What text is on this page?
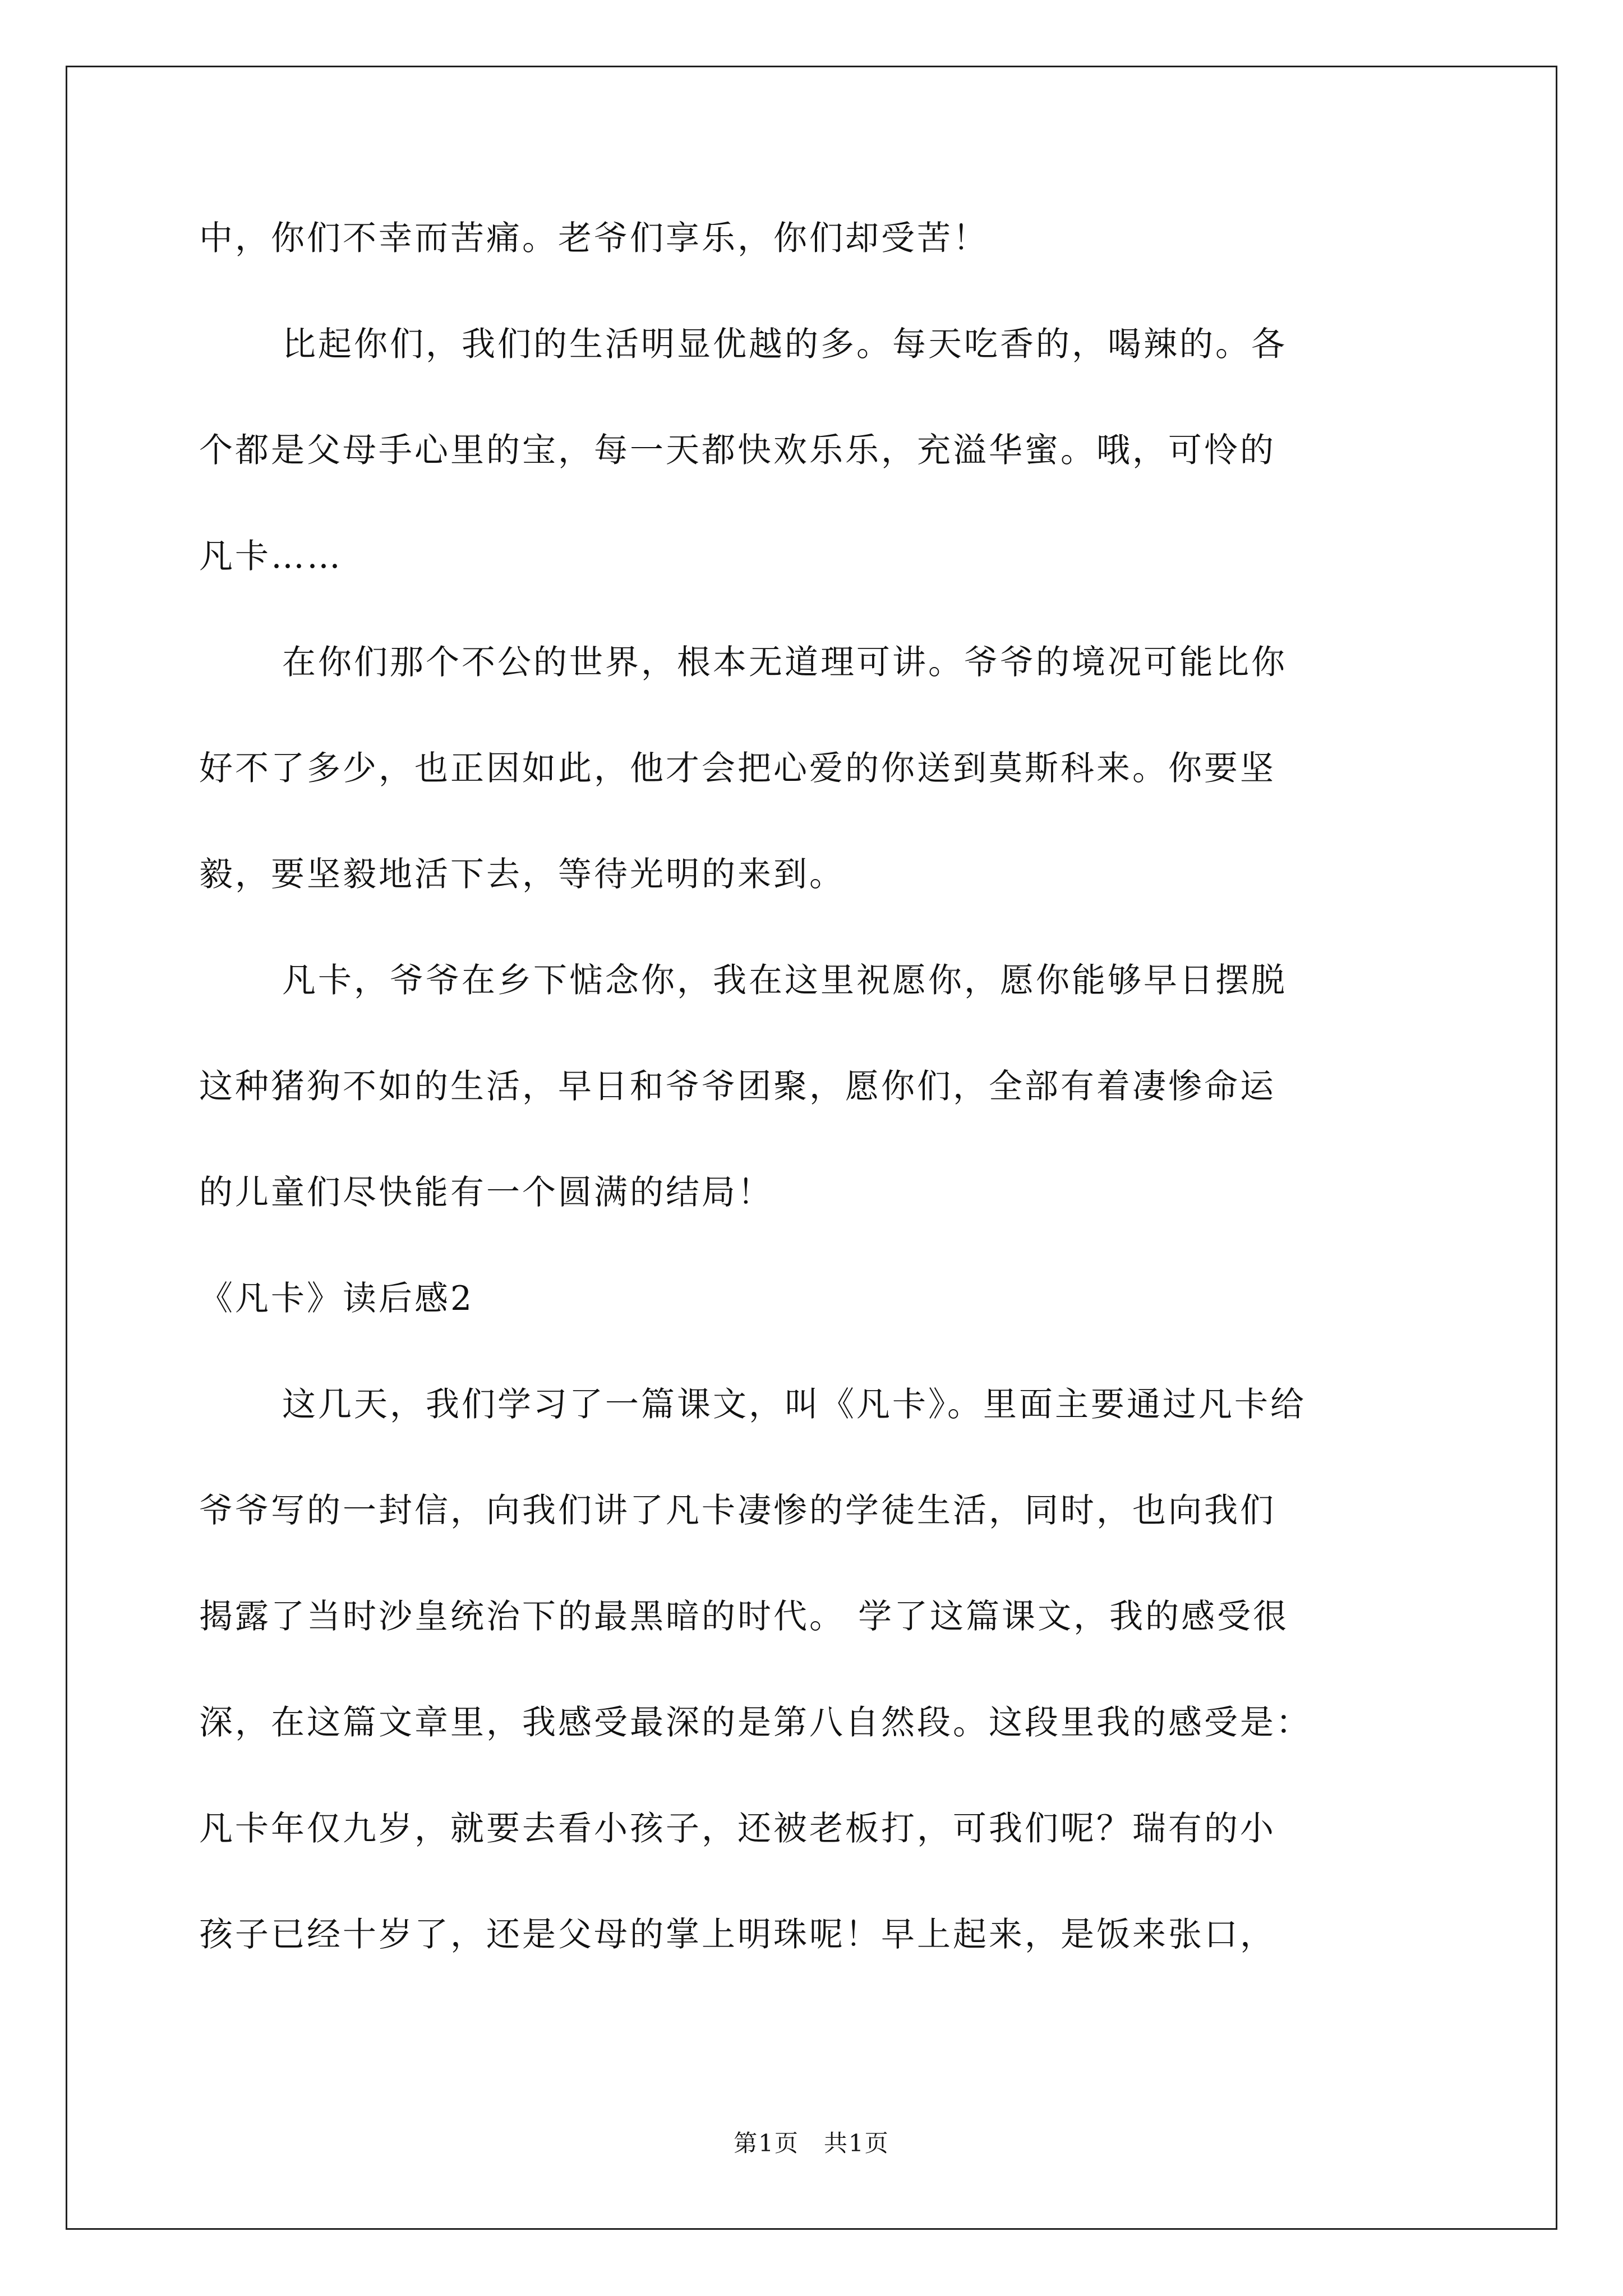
中，你们不幸而苦痛。老爷们享乐，你们却受苦！
比起你们，我们的生活明显优越的多。每天吃香的，喝辣的。各
个都是父母手心里的宝，每一天都快欢乐乐，充溢华蜜。哦，可怜的
凡卡……
在你们那个不公的世界，根本无道理可讲。爷爷的境况可能比你
好不了多少，也正因如此，他才会把心爱的你送到莫斯科来。你要坚
毅，要坚毅地活下去，等待光明的来到。
凡卡，爷爷在乡下惦念你，我在这里祝愿你，愿你能够早日摆脱
这种猪狗不如的生活，早日和爷爷团聚，愿你们，全部有着凄惨命运
的儿童们尽快能有一个圆满的结局！
《凡卡》读后感2
这几天，我们学习了一篇课文，叫《凡卡》。里面主要通过凡卡给
爷爷写的一封信，向我们讲了凡卡凄惨的学徒生活，同时，也向我们
揭露了当时沙皇统治下的最黑暗的时代。 学了这篇课文，我的感受很
深，在这篇文章里，我感受最深的是第八自然段。这段里我的感受是：
凡卡年仅九岁，就要去看小孩子，还被老板打，可我们呢？瑞有的小
孩子已经十岁了，还是父母的掌上明珠呢！早上起来，是饭来张口，
第1页　共1页
